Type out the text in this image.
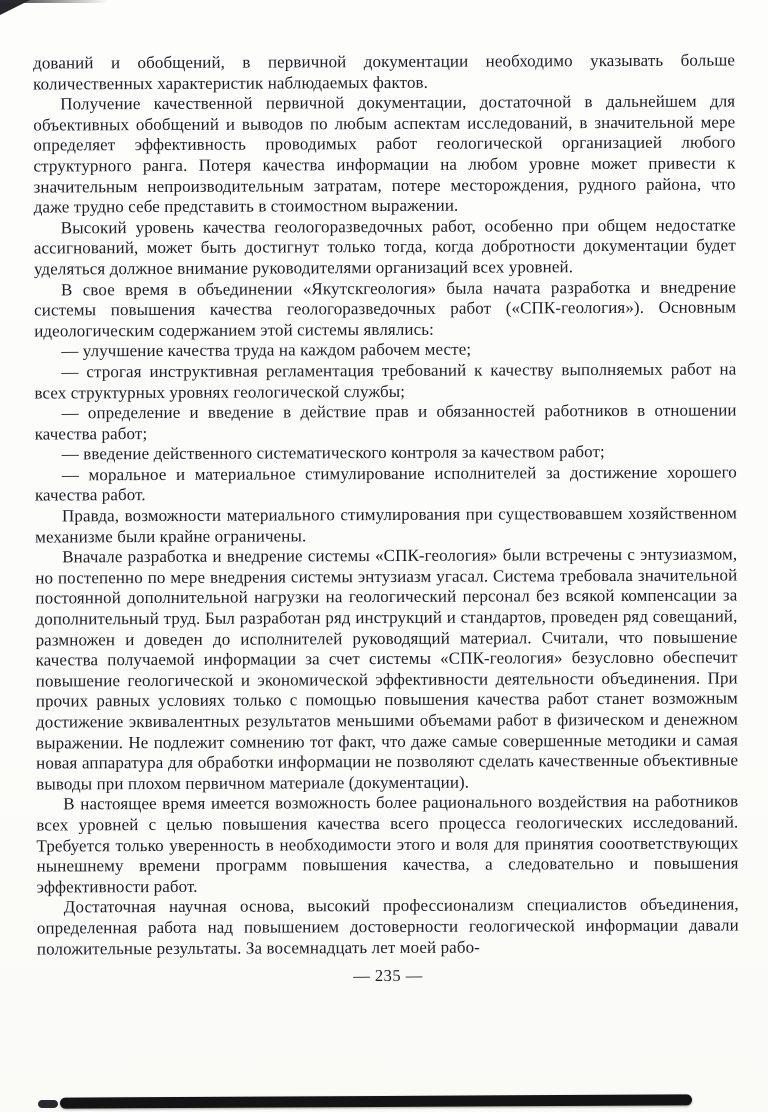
дований и обобщений, в первичной документации необходимо указывать больше количественных характеристик наблюдаемых фактов.

Получение качественной первичной документации, достаточной в дальнейшем для объективных обобщений и выводов по любым аспектам исследований, в значительной мере определяет эффективность проводимых работ геологической организацией любого структурного ранга. Потеря качества информации на любом уровне может привести к значительным непроизводительным затратам, потере месторождения, рудного района, что даже трудно себе представить в стоимостном выражении.

Высокий уровень качества геологоразведочных работ, особенно при общем недостатке ассигнований, может быть достигнут только тогда, когда добротности документации будет уделяться должное внимание руководителями организаций всех уровней.

В свое время в объединении «Якутскгеология» была начата разработка и внедрение системы повышения качества геологоразведочных работ («СПК-геология»). Основным идеологическим содержанием этой системы являлись:

— улучшение качества труда на каждом рабочем месте;

— строгая инструктивная регламентация требований к качеству выполняемых работ на всех структурных уровнях геологической службы;

— определение и введение в действие прав и обязанностей работников в отношении качества работ;

— введение действенного систематического контроля за качеством работ;

— моральное и материальное стимулирование исполнителей за достижение хорошего качества работ.

Правда, возможности материального стимулирования при существовавшем хозяйственном механизме были крайне ограничены.

Вначале разработка и внедрение системы «СПК-геология» были встречены с энтузиазмом, но постепенно по мере внедрения системы энтузиазм угасал. Система требовала значительной постоянной дополнительной нагрузки на геологический персонал без всякой компенсации за дополнительный труд. Был разработан ряд инструкций и стандартов, проведен ряд совещаний, размножен и доведен до исполнителей руководящий материал. Считали, что повышение качества получаемой информации за счет системы «СПК-геология» безусловно обеспечит повышение геологической и экономической эффективности деятельности объединения. При прочих равных условиях только с помощью повышения качества работ станет возможным достижение эквивалентных результатов меньшими объемами работ в физическом и денежном выражении. Не подлежит сомнению тот факт, что даже самые совершенные методики и самая новая аппаратура для обработки информации не позволяют сделать качественные объективные выводы при плохом первичном материале (документации).

В настоящее время имеется возможность более рационального воздействия на работников всех уровней с целью повышения качества всего процесса геологических исследований. Требуется только уверенность в необходимости этого и воля для принятия сооответствующих нынешнему времени программ повышения качества, а следовательно и повышения эффективности работ.

Достаточная научная основа, высокий профессионализм специалистов объединения, определенная работа над повышением достоверности геологической информации давали положительные результаты. За восемнадцать лет моей рабо-

— 235 —
